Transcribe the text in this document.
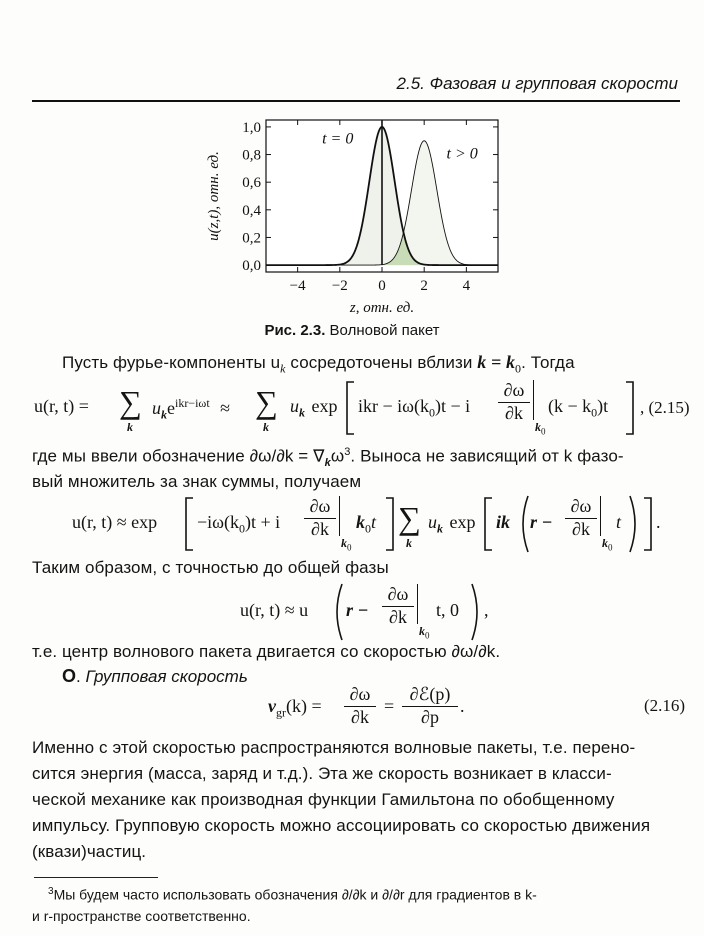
2.5. Фазовая и групповая скорости
−4 −2 0 2 4
0,0
0,2
0,4
0,6
0,8
1,0
z, отн. ед.
u(z,t), отн. ед.
t = 0
t > 0
Рис. 2.3. Волновой пакет
Пусть фурье-компоненты $u_k$ сосредоточены вблизи $k = k_0$. Тогда
u(r, t) = ∑
k
$u_ke^{ikr-i\omega t}$ ≈ ∑
k
$u_k$ exp ikr − $i\omega(k_0)t - i \frac{\partial\omega}{\partial k}$
$k_0$
$(k - k_0)t$ , (2.15)
где мы ввели обозначение $\partial\omega/\partial k = \nabla_k\omega^3$. Выноса не зависящий от k фазо-
вый множитель за знак суммы, получаем
u(r, $t) \approx \exp -i\omega(k_0)t + i \frac{\partial\omega}{\partial k}$
$k_0$
$k_0t$ ∑
k
$u_k$ exp ik $r - \frac{\partial\omega}{\partial k}$
$k_0$
t .
Таким образом, с точностью до общей фазы
u(r, t) ≈ u $r - \frac{\partial\omega}{\partial k}$
$k_0$
t, 0 ,
т.е. центр волнового пакета двигается со скоростью ∂ω/∂k.
О. Групповая скорость
$v_{gr}(k) = \frac{\partial\omega}{\partial k}$ =
∂ℰ(p)
∂p
.	(2.16)
Именно с этой скоростью распространяются волновые пакеты, т.е. перено-
сится энергия (масса, заряд и т.д.). Эта же скорость возникает в класси-
ческой механике как производная функции Гамильтона по обобщенному
импульсу. Групповую скорость можно ассоциировать со скоростью движения
(квази)частиц.
$^3$Мы будем часто использовать обозначения ∂/∂k и ∂/∂r для градиентов в k-
и r-пространстве соответственно.
